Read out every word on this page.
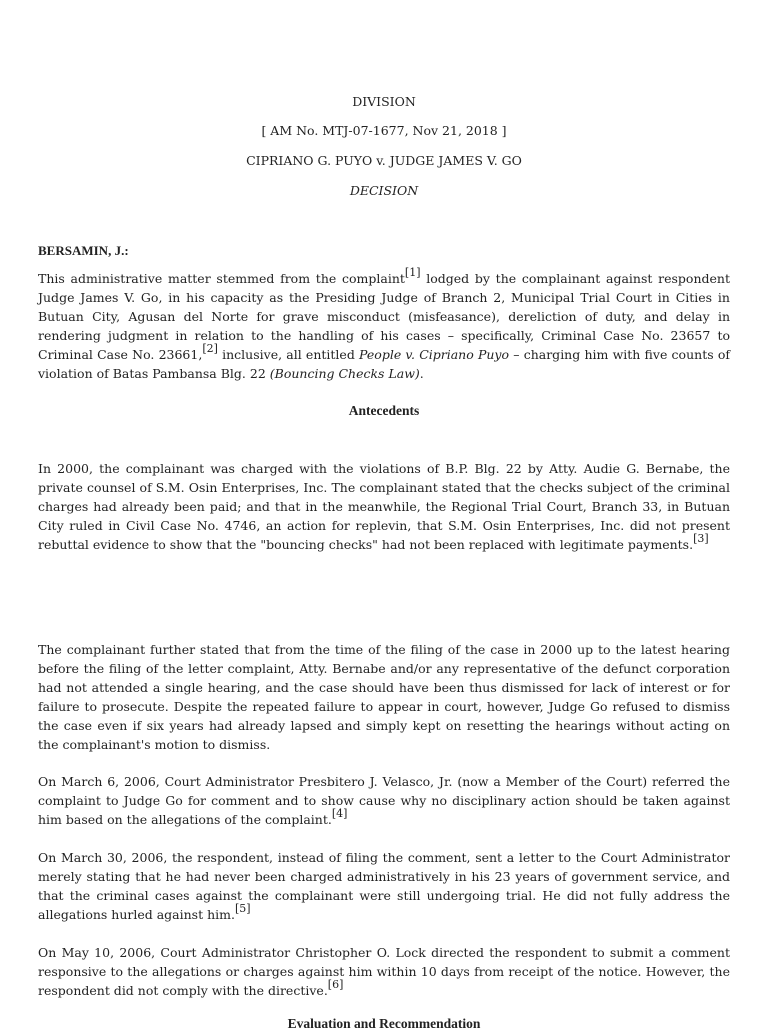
DIVISION
[ AM No. MTJ-07-1677, Nov 21, 2018 ]
CIPRIANO G. PUYO v. JUDGE JAMES V. GO
DECISION
BERSAMIN, J.:

This administrative matter stemmed from the complaint[1] lodged by the complainant against respondent Judge James V. Go, in his capacity as the Presiding Judge of Branch 2, Municipal Trial Court in Cities in Butuan City, Agusan del Norte for grave misconduct (misfeasance), dereliction of duty, and delay in rendering judgment in relation to the handling of his cases – specifically, Criminal Case No. 23657 to Criminal Case No. 23661,[2] inclusive, all entitled People v. Cipriano Puyo – charging him with five counts of violation of Batas Pambansa Blg. 22 (Bouncing Checks Law).

Antecedents

In 2000, the complainant was charged with the violations of B.P. Blg. 22 by Atty. Audie G. Bernabe, the private counsel of S.M. Osin Enterprises, Inc. The complainant stated that the checks subject of the criminal charges had already been paid; and that in the meanwhile, the Regional Trial Court, Branch 33, in Butuan City ruled in Civil Case No. 4746, an action for replevin, that S.M. Osin Enterprises, Inc. did not present rebuttal evidence to show that the "bouncing checks" had not been replaced with legitimate payments.[3]

The complainant further stated that from the time of the filing of the case in 2000 up to the latest hearing before the filing of the letter complaint, Atty. Bernabe and/or any representative of the defunct corporation had not attended a single hearing, and the case should have been thus dismissed for lack of interest or for failure to prosecute. Despite the repeated failure to appear in court, however, Judge Go refused to dismiss the case even if six years had already lapsed and simply kept on resetting the hearings without acting on the complainant's motion to dismiss.

On March 6, 2006, Court Administrator Presbitero J. Velasco, Jr. (now a Member of the Court) referred the complaint to Judge Go for comment and to show cause why no disciplinary action should be taken against him based on the allegations of the complaint.[4]

On March 30, 2006, the respondent, instead of filing the comment, sent a letter to the Court Administrator merely stating that he had never been charged administratively in his 23 years of government service, and that the criminal cases against the complainant were still undergoing trial. He did not fully address the allegations hurled against him.[5]

On May 10, 2006, Court Administrator Christopher O. Lock directed the respondent to submit a comment responsive to the allegations or charges against him within 10 days from receipt of the notice. However, the respondent did not comply with the directive.[6]

Evaluation and Recommendation
